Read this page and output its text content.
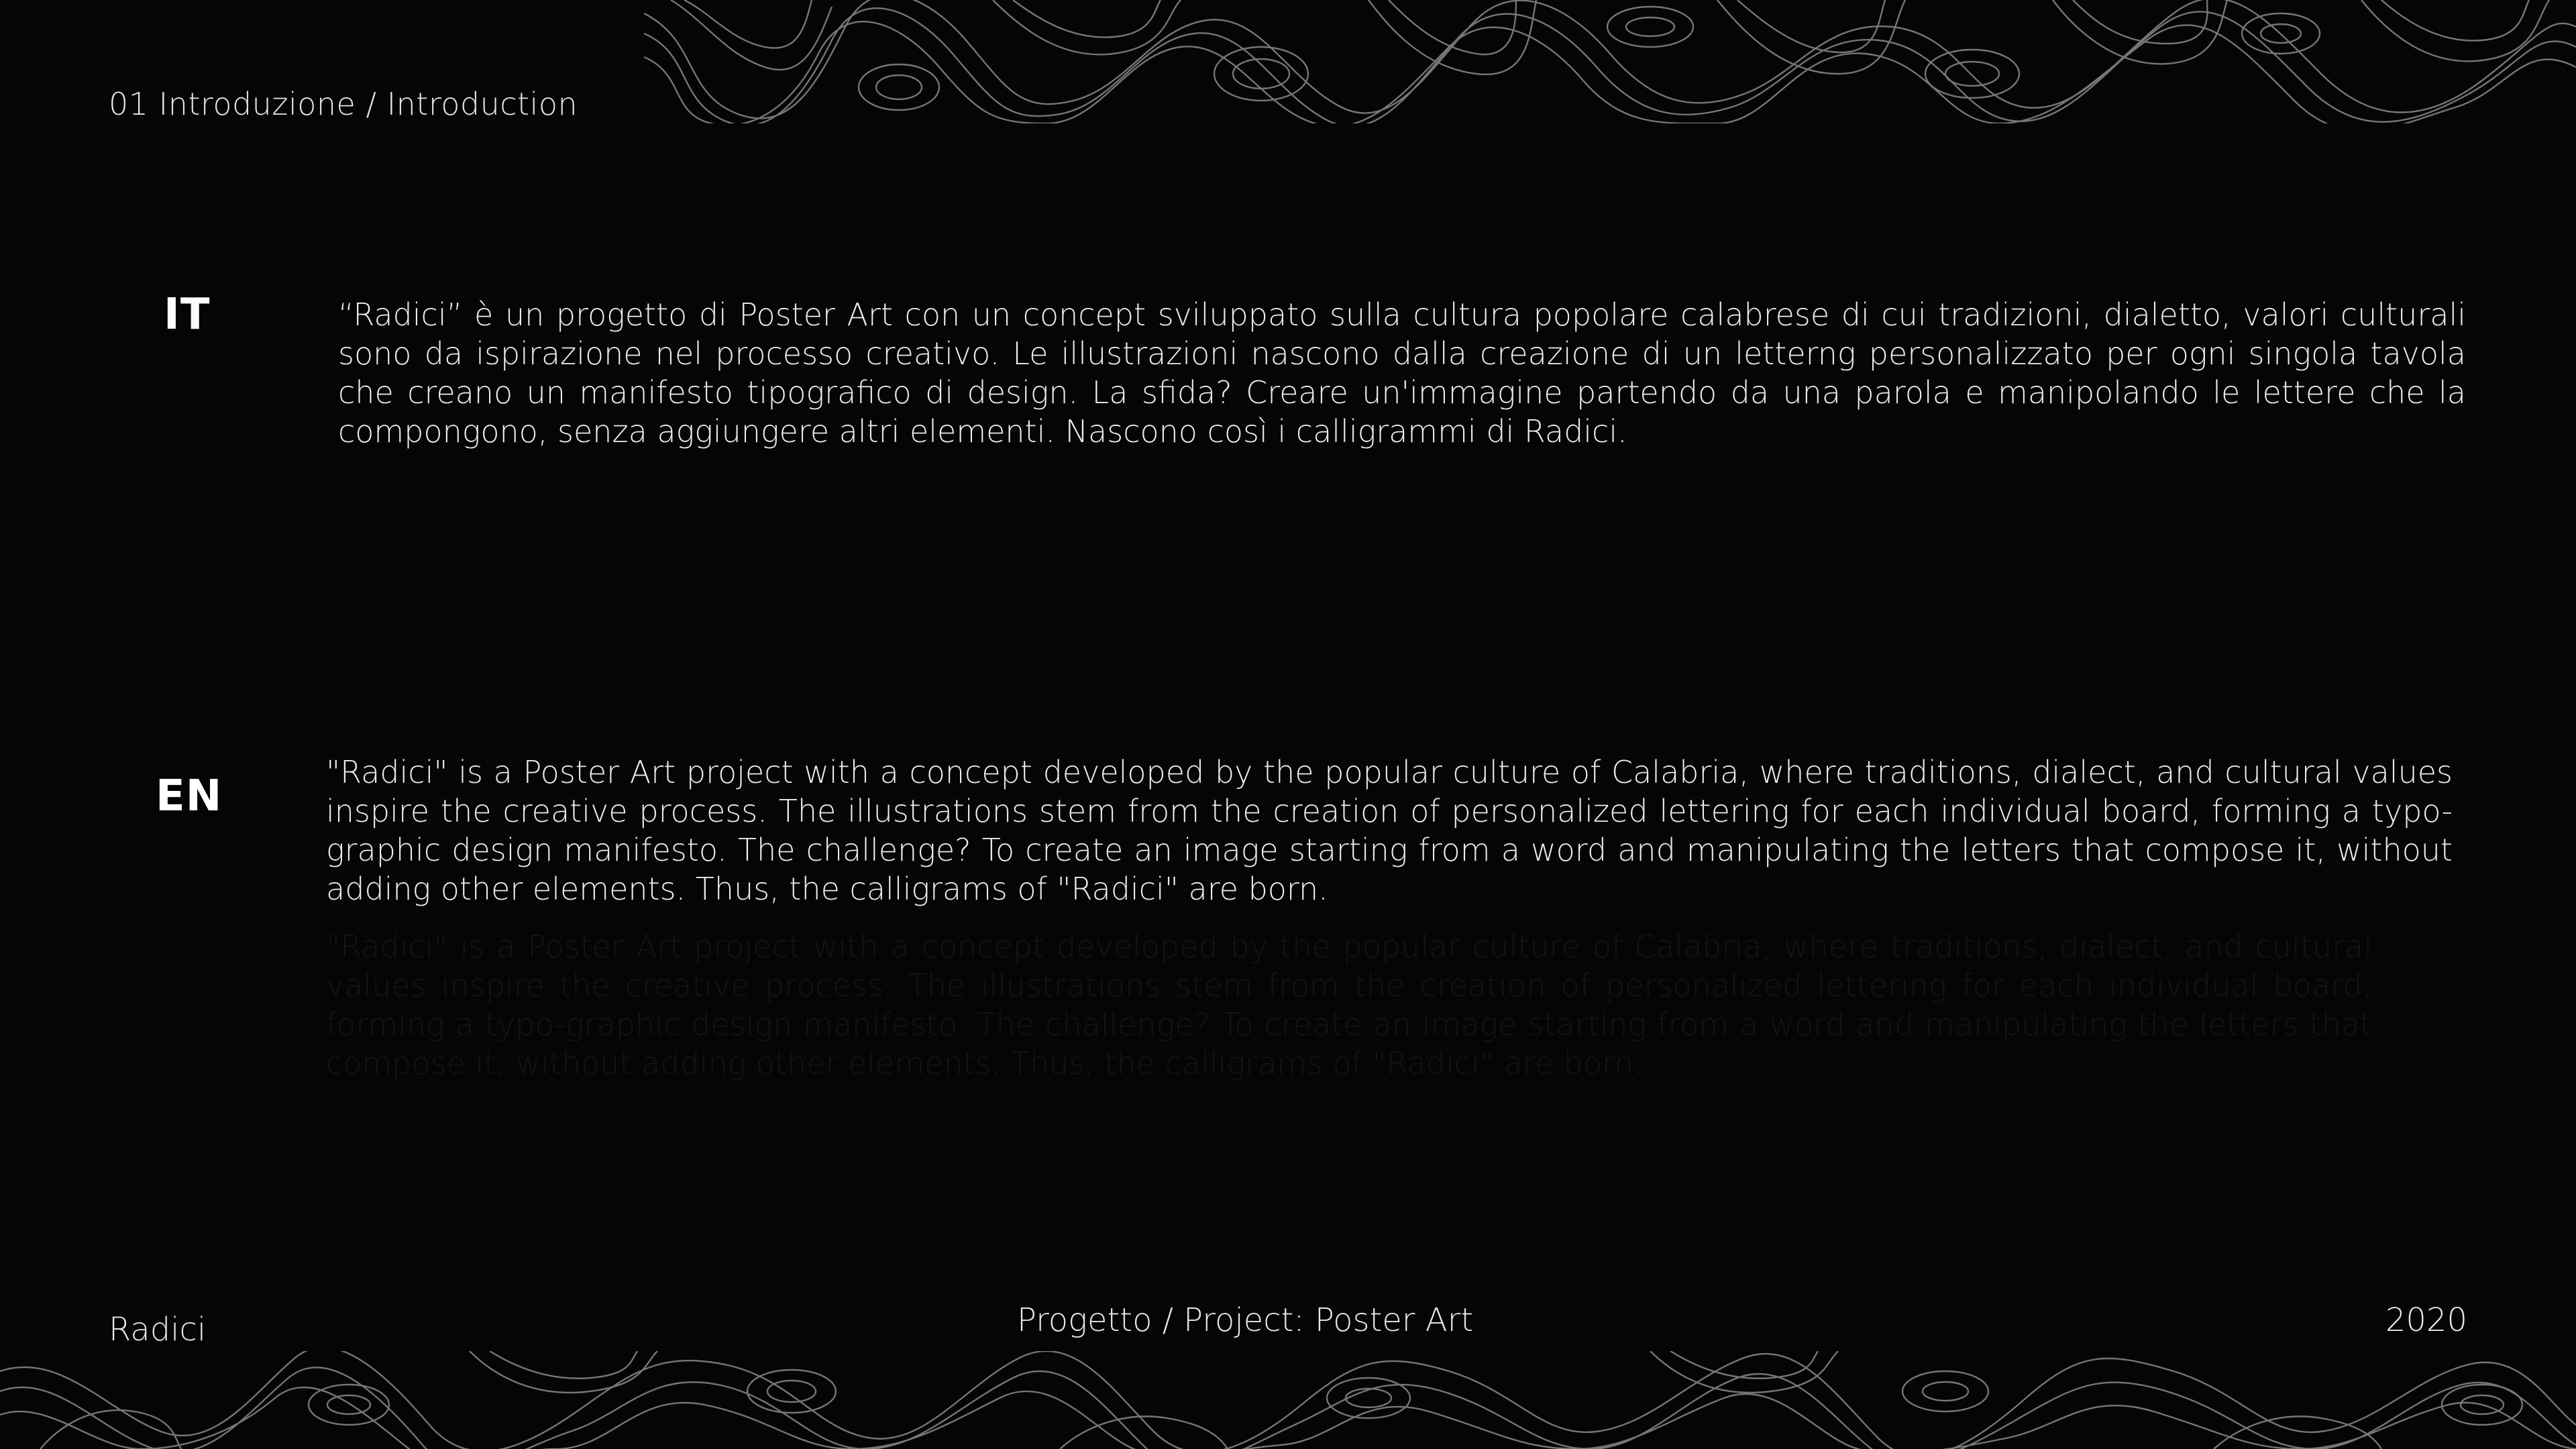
01 Introduzione / Introduction
IT	“Radici” è un progetto di Poster Art con un concept sviluppato sulla cultura popolare calabrese di cui tradizioni, dialetto, valori culturali sono da ispirazione nel processo creativo. Le illustrazioni nascono dalla creazione di un letterng personalizzato per ogni singola tavola che creano un manifesto tipografico di design. La sfida? Creare un'immagine partendo da una parola e manipolando le lettere che la compongono, senza aggiungere altri elementi. Nascono così i calligrammi di Radici.
EN	"Radici" is a Poster Art project with a concept developed by the popular culture of Calabria, where traditions, dialect, and cultural values inspire the creative process. The illustrations stem from the creation of personalized lettering for each individual board, forming a typo-graphic design manifesto. The challenge? To create an image starting from a word and manipulating the letters that compose it, without adding other elements. Thus, the calligrams of "Radici" are born.
"Radici" is a Poster Art project with a concept developed by the popular culture of Calabria, where traditions, dialect, and cultural values inspire the creative process. The illustrations stem from the creation of personalized lettering for each individual board, forming a typo-graphic design manifesto. The challenge? To create an image starting from a word and manipulating the letters that compose it, without adding other elements. Thus, the calligrams of "Radici" are born.
Radici	Progetto / Project: Poster Art	2020
